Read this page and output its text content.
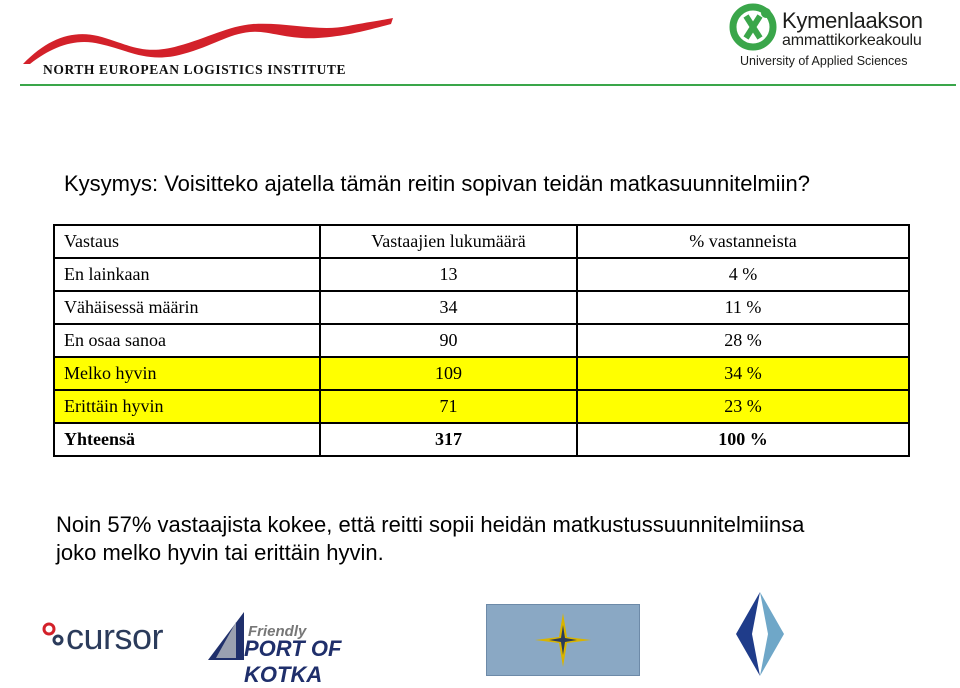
NORTH EUROPEAN LOGISTICS INSTITUTE
Kymenlaakson
ammattikorkeakoulu
University of Applied Sciences
Kysymys: Voisitteko ajatella tämän reitin sopivan teidän matkasuunnitelmiin?
Vastaus	Vastaajien lukumäärä	% vastanneista
En lainkaan	13	4 %
Vähäisessä määrin	34	11 %
En osaa sanoa	90	28 %
Melko hyvin	109	34 %
Erittäin hyvin	71	23 %
Yhteensä	317	100 %
Noin 57% vastaajista kokee, että reitti sopii heidän matkustussuunnitelmiinsa
joko melko hyvin tai erittäin hyvin.
cursor	Friendly
PORT OF KOTKA
